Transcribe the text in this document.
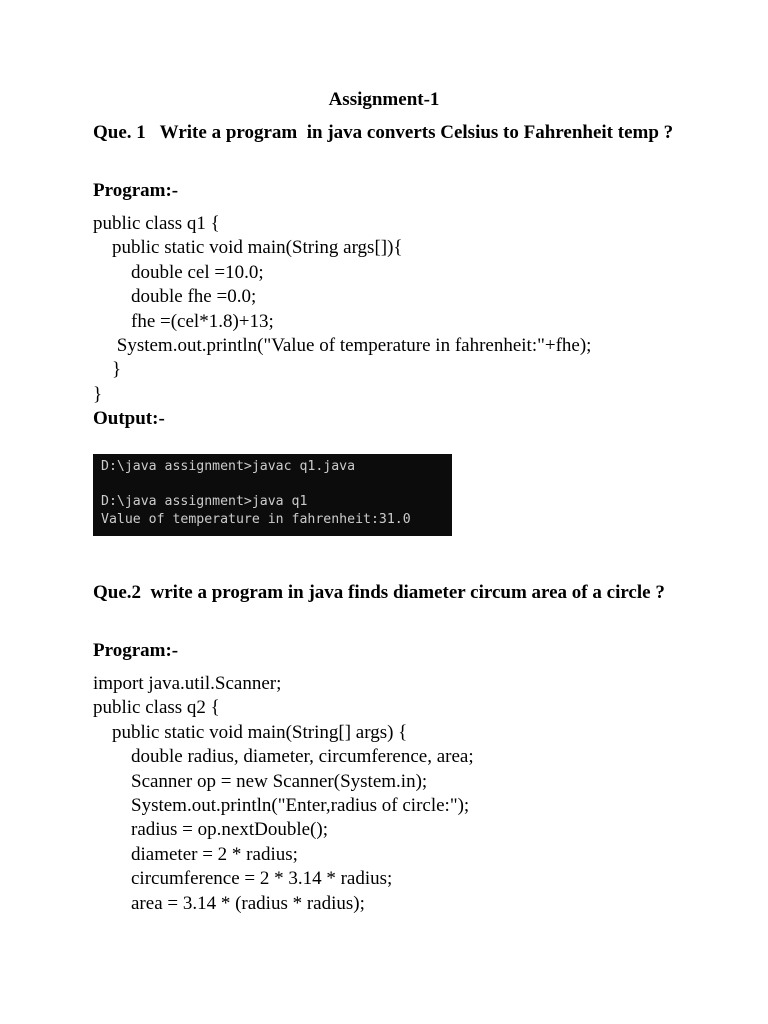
Assignment-1
Que. 1   Write a program  in java converts Celsius to Fahrenheit temp ?
Program:-
public class q1 {
public static void main(String args[]){
double cel =10.0;
double fhe =0.0;
fhe =(cel*1.8)+13;
System.out.println("Value of temperature in fahrenheit:"+fhe);
}
}
Output:-
D:\java assignment>javac q1.java
D:\java assignment>java q1
Value of temperature in fahrenheit:31.0
Que.2  write a program in java finds diameter circum area of a circle ?
Program:-
import java.util.Scanner;
public class q2 {
public static void main(String[] args) {
double radius, diameter, circumference, area;
Scanner op = new Scanner(System.in);
System.out.println("Enter,radius of circle:");
radius = op.nextDouble();
diameter = 2 * radius;
circumference = 2 * 3.14 * radius;
area = 3.14 * (radius * radius);
